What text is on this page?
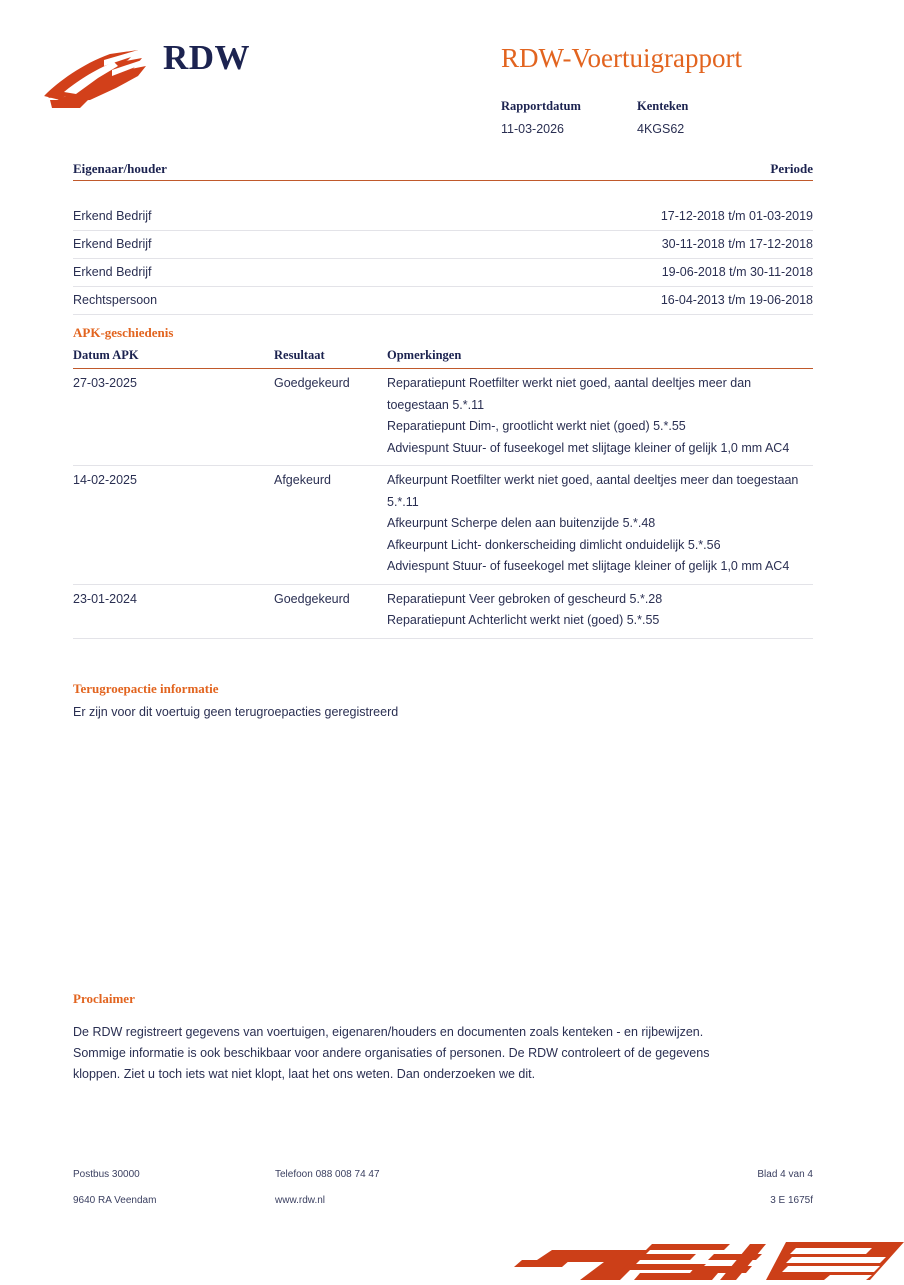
RDW	RDW-Voertuigrapport
Rapportdatum
11-03-2026
Kenteken
4KGS62
Eigenaar/houder	Periode
Erkend Bedrijf	17-12-2018 t/m 01-03-2019
Erkend Bedrijf	30-11-2018 t/m 17-12-2018
Erkend Bedrijf	19-06-2018 t/m 30-11-2018
Rechtspersoon	16-04-2013 t/m 19-06-2018
APK-geschiedenis
Datum APK	Resultaat	Opmerkingen
27-03-2025	Goedgekeurd	Reparatiepunt Roetfilter werkt niet goed, aantal deeltjes meer dan toegestaan 5.*.11
Reparatiepunt Dim-, grootlicht werkt niet (goed) 5.*.55
Adviespunt Stuur- of fuseekogel met slijtage kleiner of gelijk 1,0 mm AC4

14-02-2025	Afgekeurd	Afkeurpunt Roetfilter werkt niet goed, aantal deeltjes meer dan toegestaan 5.*.11
Afkeurpunt Scherpe delen aan buitenzijde 5.*.48
Afkeurpunt Licht- donkerscheiding dimlicht onduidelijk 5.*.56
Adviespunt Stuur- of fuseekogel met slijtage kleiner of gelijk 1,0 mm AC4

23-01-2024	Goedgekeurd	Reparatiepunt Veer gebroken of gescheurd 5.*.28
Reparatiepunt Achterlicht werkt niet (goed) 5.*.55
Terugroepactie informatie
Er zijn voor dit voertuig geen terugroepacties geregistreerd
Proclaimer

De RDW registreert gegevens van voertuigen, eigenaren/houders en documenten zoals kenteken - en rijbewijzen.

Sommige informatie is ook beschikbaar voor andere organisaties of personen. De RDW controleert of de gegevens

kloppen. Ziet u toch iets wat niet klopt, laat het ons weten. Dan onderzoeken we dit.

Postbus 30000	Telefoon 088 008 74 47	Blad 4 van 4
9640 RA Veendam	www.rdw.nl	3 E 1675f
